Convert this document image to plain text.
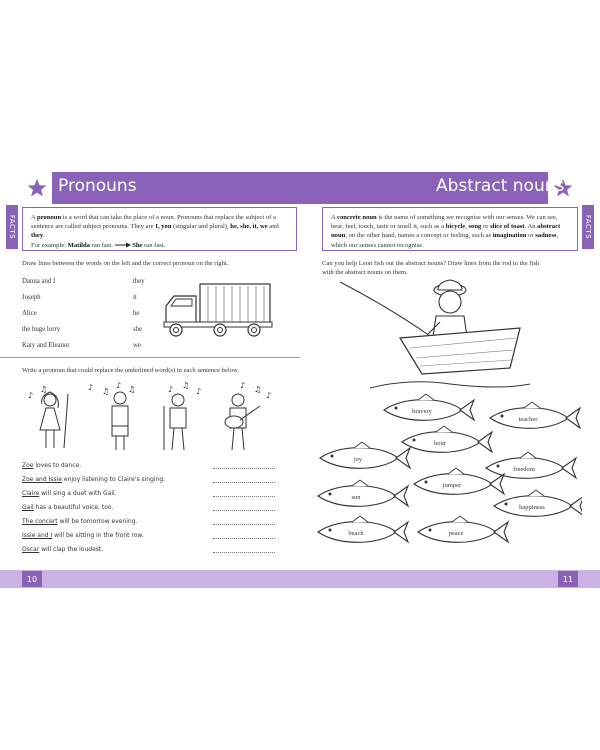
Pronouns
FACTS	A pronoun is a word that can take the place of a noun. Pronouns that replace the subject of a sentence are called subject pronouns. They are I, you (singular and plural), he, she, it, we and they.
For example: Matilda ran fast.	She ran fast.
Draw lines between the words on the left and the correct pronoun on the right.
Danna and I
Joseph
Alice
the huge lorry
Katy and Eleanor
they
it
he
she
we
Write a pronoun that could replace the underlined word(s) in each sentence below.
♪
♫	♪ ♫
♪ ♫	♪ ♫
♪	♫
♪
♪
Zoe loves to dance.
Zoe and Issie enjoy listening to Claire's singing.
Claire will sing a duet with Gail.
Gail has a beautiful voice, too.
The concert will be tomorrow evening.
Issie and I will be sitting in the front row.
Oscar will clap the loudest.
Abstract nouns
FACTS
A concrete noun is the name of something we recognise with our senses. We can see, hear, feel, touch, taste or smell it, such as a bicycle, song or slice of toast. An abstract noun, on the other hand, names a concept or feeling, such as imagination or sadness, which our senses cannot recognise.
Can you help Leon fish out the abstract nouns? Draw lines from the rod to the fish with the abstract nouns on them.
bravery
teacher
hour
joy
freedom
jumper
sun
happiness
beach	peace
10	11
